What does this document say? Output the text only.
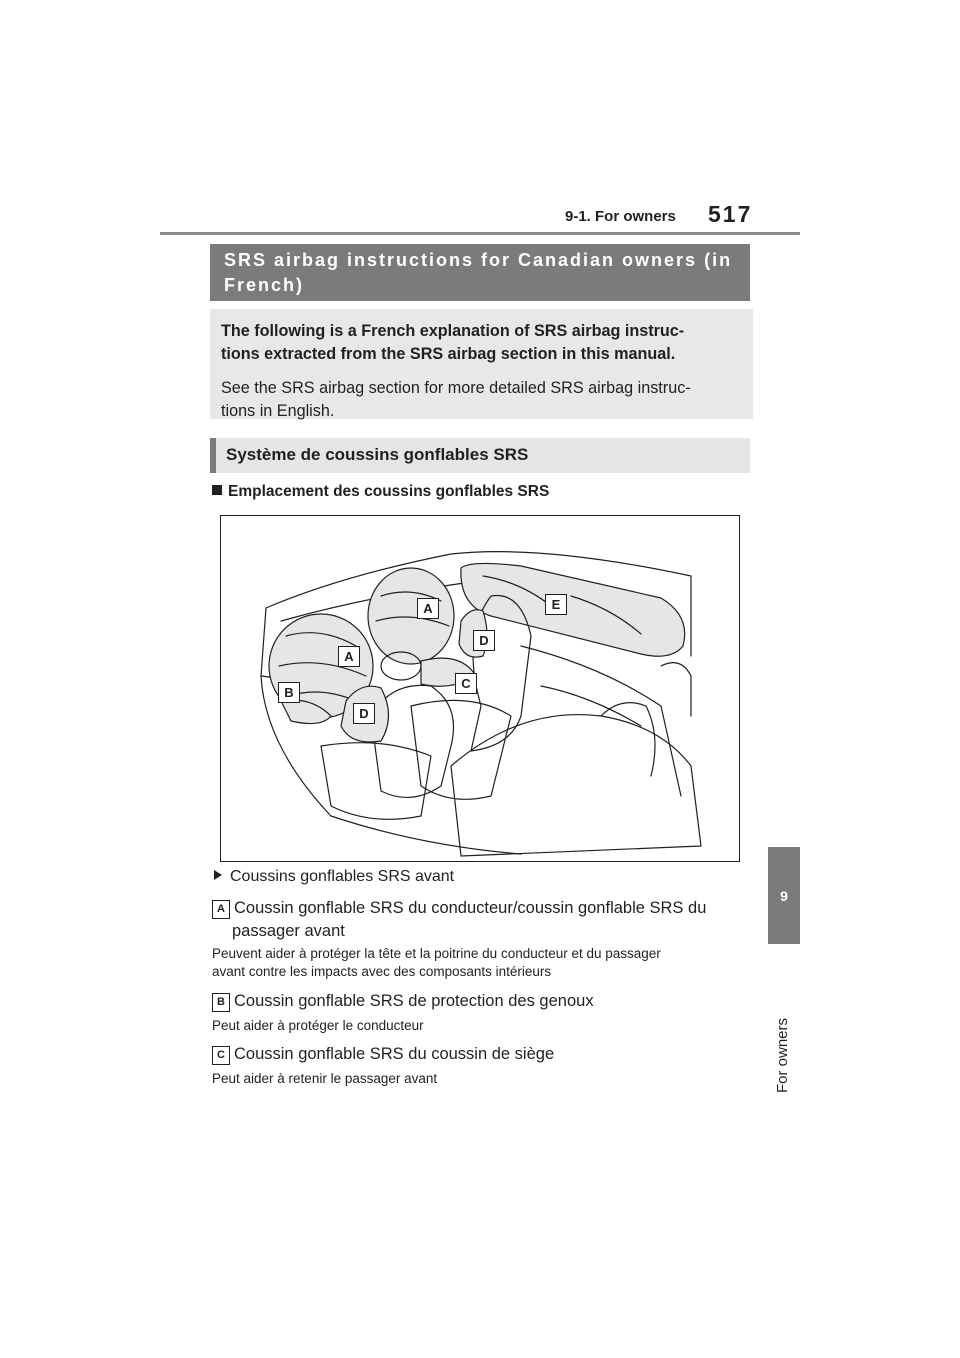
9-1. For owners 517
9
For owners
SRS airbag instructions for Canadian owners (in
French)

The following is a French explanation of SRS airbag instruc-

tions extracted from the SRS airbag section in this manual.

See the SRS airbag section for more detailed SRS airbag instruc-

tions in English.

Système de coussins gonflables SRS
Emplacement des coussins gonflables SRS
A
A
B
C
D
D
E
Coussins gonflables SRS avant
A Coussin gonflable SRS du conducteur/coussin gonflable SRS du
passager avant
Peuvent aider à protéger la tête et la poitrine du conducteur et du passager
avant contre les impacts avec des composants intérieurs
B Coussin gonflable SRS de protection des genoux
Peut aider à protéger le conducteur
C Coussin gonflable SRS du coussin de siège
Peut aider à retenir le passager avant
